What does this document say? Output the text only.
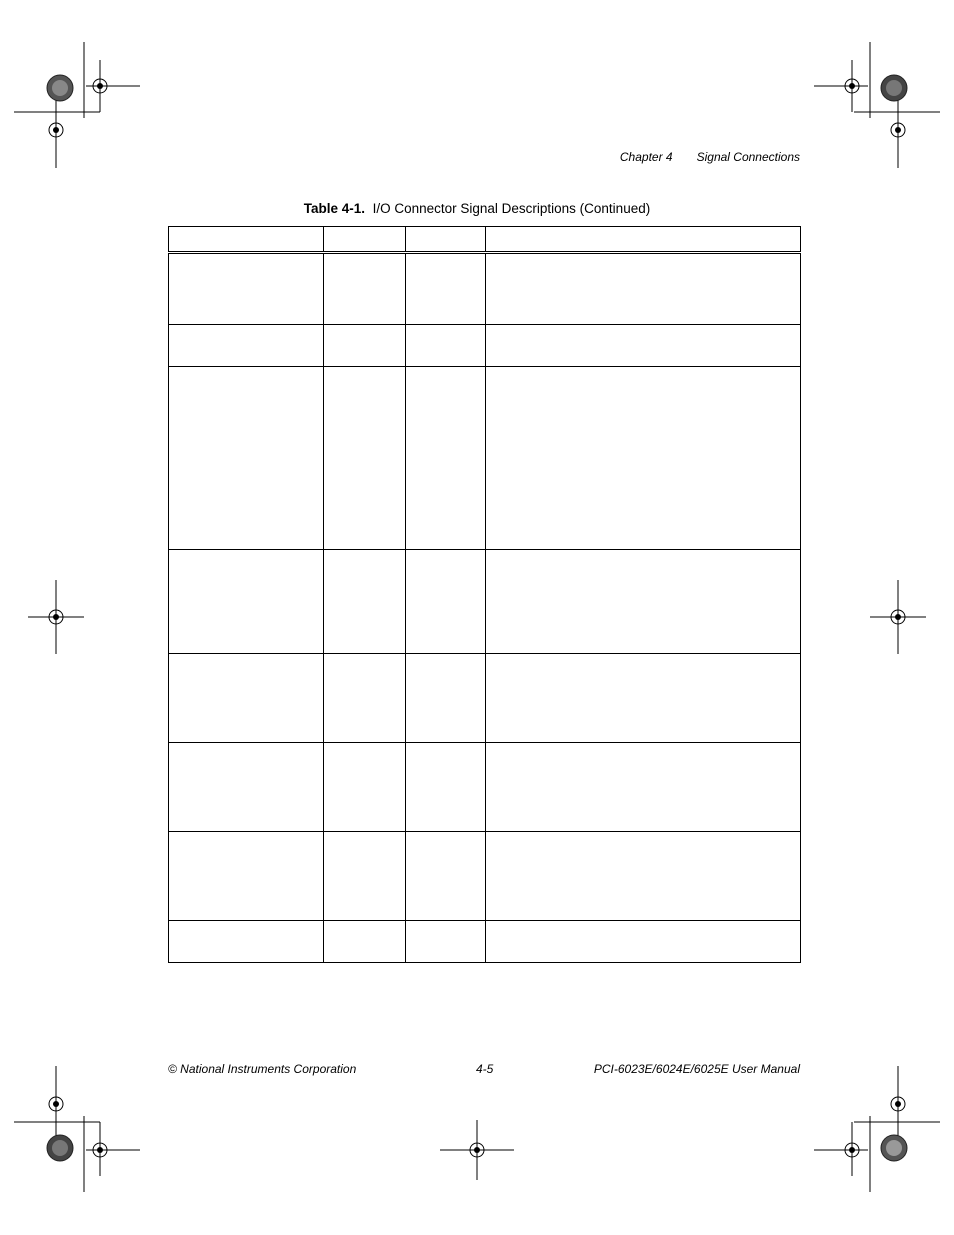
Chapter 4 Signal Connections
Table 4-1. I/O Connector Signal Descriptions (Continued)

© National Instruments Corporation	4-5	PCI-6023E/6024E/6025E User Manual
